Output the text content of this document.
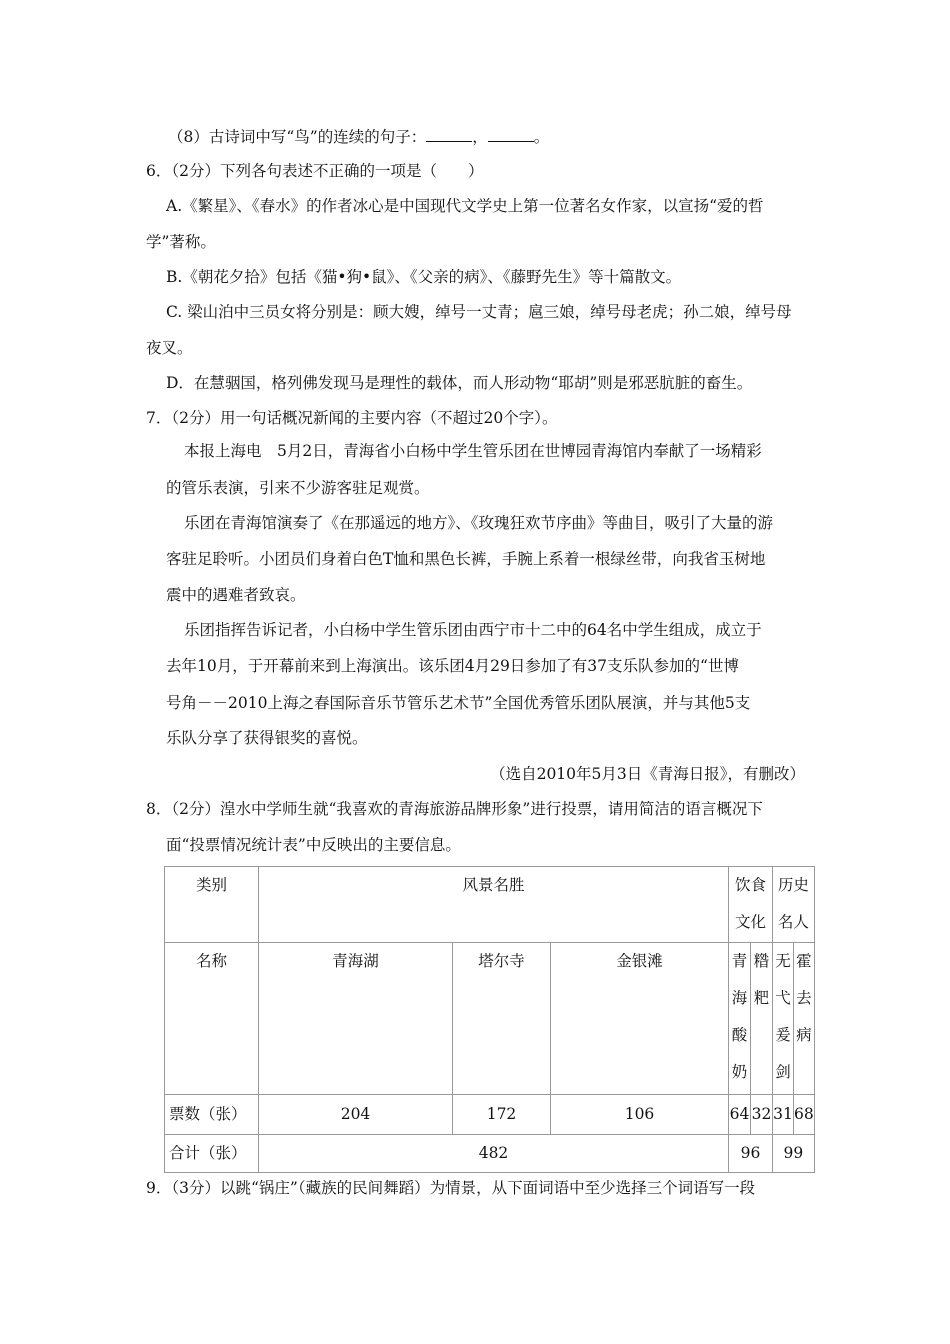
（8）古诗词中写“鸟”的连续的句子：	，	。
6．（2分）下列各句表述不正确的一项是（　　）
A.《繁星》、《春水》的作者冰心是中国现代文学史上第一位著名女作家，以宣扬“爱的哲
学”著称。
B.《朝花夕拾》包括《猫•狗•鼠》、《父亲的病》、《藤野先生》等十篇散文。
C. 梁山泊中三员女将分别是：顾大嫂，绰号一丈青；扈三娘，绰号母老虎；孙二娘，绰号母
夜叉。
D．在慧骃国，格列佛发现马是理性的载体，而人形动物“耶胡”则是邪恶肮脏的畜生。
7．（2分）用一句话概况新闻的主要内容（不超过20个字）。
本报上海电　5月2日，青海省小白杨中学生管乐团在世博园青海馆内奉献了一场精彩
的管乐表演，引来不少游客驻足观赏。
乐团在青海馆演奏了《在那遥远的地方》、《玫瑰狂欢节序曲》等曲目，吸引了大量的游
客驻足聆听。小团员们身着白色T恤和黑色长裤，手腕上系着一根绿丝带，向我省玉树地
震中的遇难者致哀。
乐团指挥告诉记者，小白杨中学生管乐团由西宁市十二中的64名中学生组成，成立于
去年10月，于开幕前来到上海演出。该乐团4月29日参加了有37支乐队参加的“世博
号角－－2010上海之春国际音乐节管乐艺术节”全国优秀管乐团队展演，并与其他5支
乐队分享了获得银奖的喜悦。
（选自2010年5月3日《青海日报》，有删改）
8．（2分）湟水中学师生就“我喜欢的青海旅游品牌形象”进行投票，请用简洁的语言概况下
面“投票情况统计表”中反映出的主要信息。
类别	风景名胜			饮食文化		历史名人	

名称	青海湖	塔尔寺	金银滩	青海酸奶	糌粑	无弋爰剑	霍去病

票数（张）	204	172	106	64	32	31	68
合计（张）	482			96		99	
9．（3分）以跳“锅庄”（藏族的民间舞蹈）为情景，从下面词语中至少选择三个词语写一段
